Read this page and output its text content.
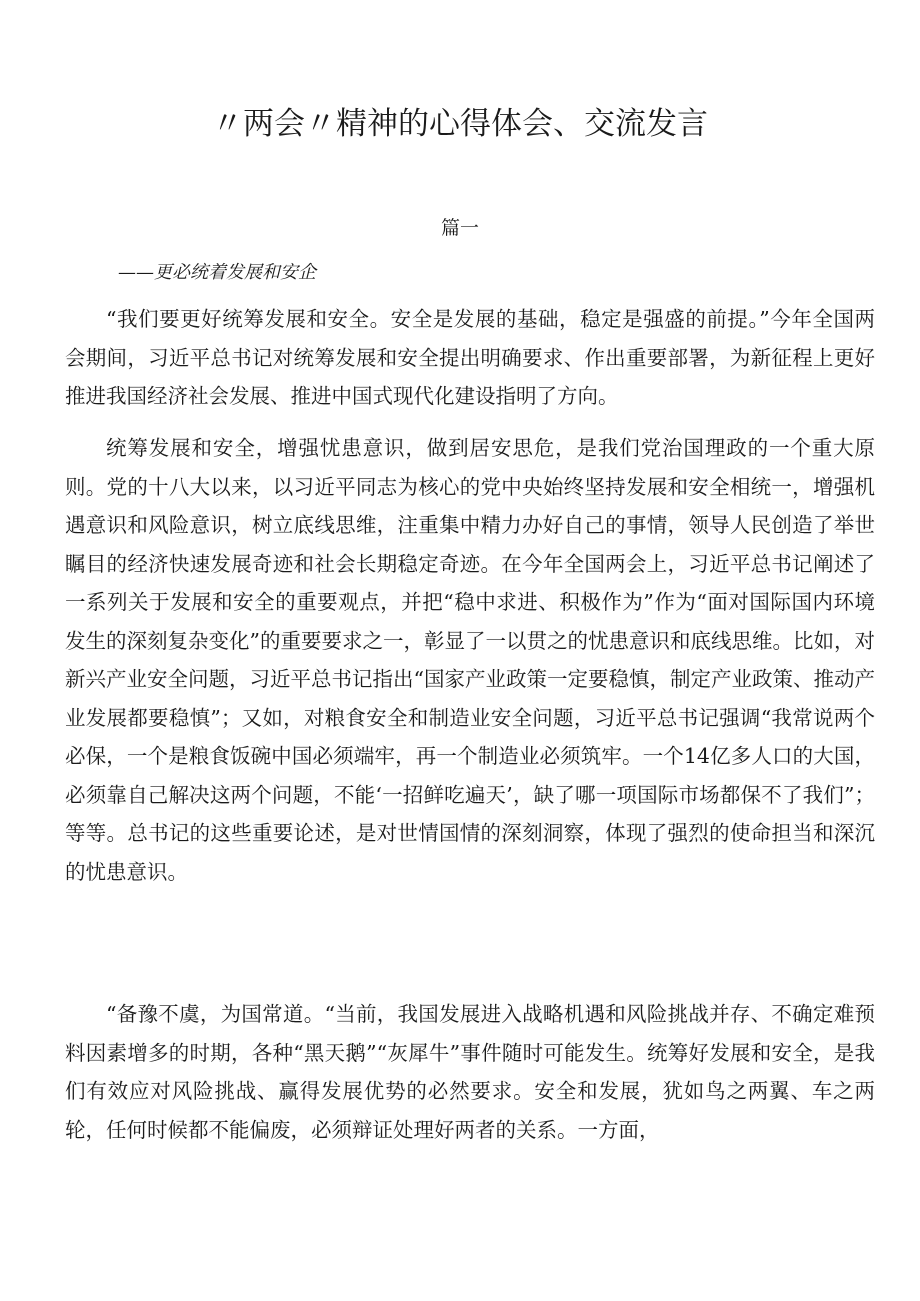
〃两会〃精神的心得体会、交流发言

篇一

——更必统着发展和安企

“我们要更好统筹发展和安全。安全是发展的基础，稳定是强盛的前提。”今年全国两会期间，习近平总书记对统筹发展和安全提出明确要求、作出重要部署，为新征程上更好推进我国经济社会发展、推进中国式现代化建设指明了方向。

统筹发展和安全，增强忧患意识，做到居安思危，是我们党治国理政的一个重大原则。党的十八大以来，以习近平同志为核心的党中央始终坚持发展和安全相统一，增强机遇意识和风险意识，树立底线思维，注重集中精力办好自己的事情，领导人民创造了举世瞩目的经济快速发展奇迹和社会长期稳定奇迹。在今年全国两会上，习近平总书记阐述了一系列关于发展和安全的重要观点，并把“稳中求进、积极作为”作为“面对国际国内环境发生的深刻复杂变化”的重要要求之一，彰显了一以贯之的忧患意识和底线思维。比如，对新兴产业安全问题，习近平总书记指出“国家产业政策一定要稳慎，制定产业政策、推动产业发展都要稳慎”；又如，对粮食安全和制造业安全问题，习近平总书记强调“我常说两个必保，一个是粮食饭碗中国必须端牢，再一个制造业必须筑牢。一个14亿多人口的大国，必须靠自己解决这两个问题，不能‘一招鲜吃遍天’，缺了哪一项国际市场都保不了我们”；等等。总书记的这些重要论述，是对世情国情的深刻洞察，体现了强烈的使命担当和深沉的忧患意识。

“备豫不虞，为国常道。“当前，我国发展进入战略机遇和风险挑战并存、不确定难预料因素增多的时期，各种“黑天鹅”“灰犀牛”事件随时可能发生。统筹好发展和安全，是我们有效应对风险挑战、赢得发展优势的必然要求。安全和发展，犹如鸟之两翼、车之两轮，任何时候都不能偏废，必须辩证处理好两者的关系。一方面，
